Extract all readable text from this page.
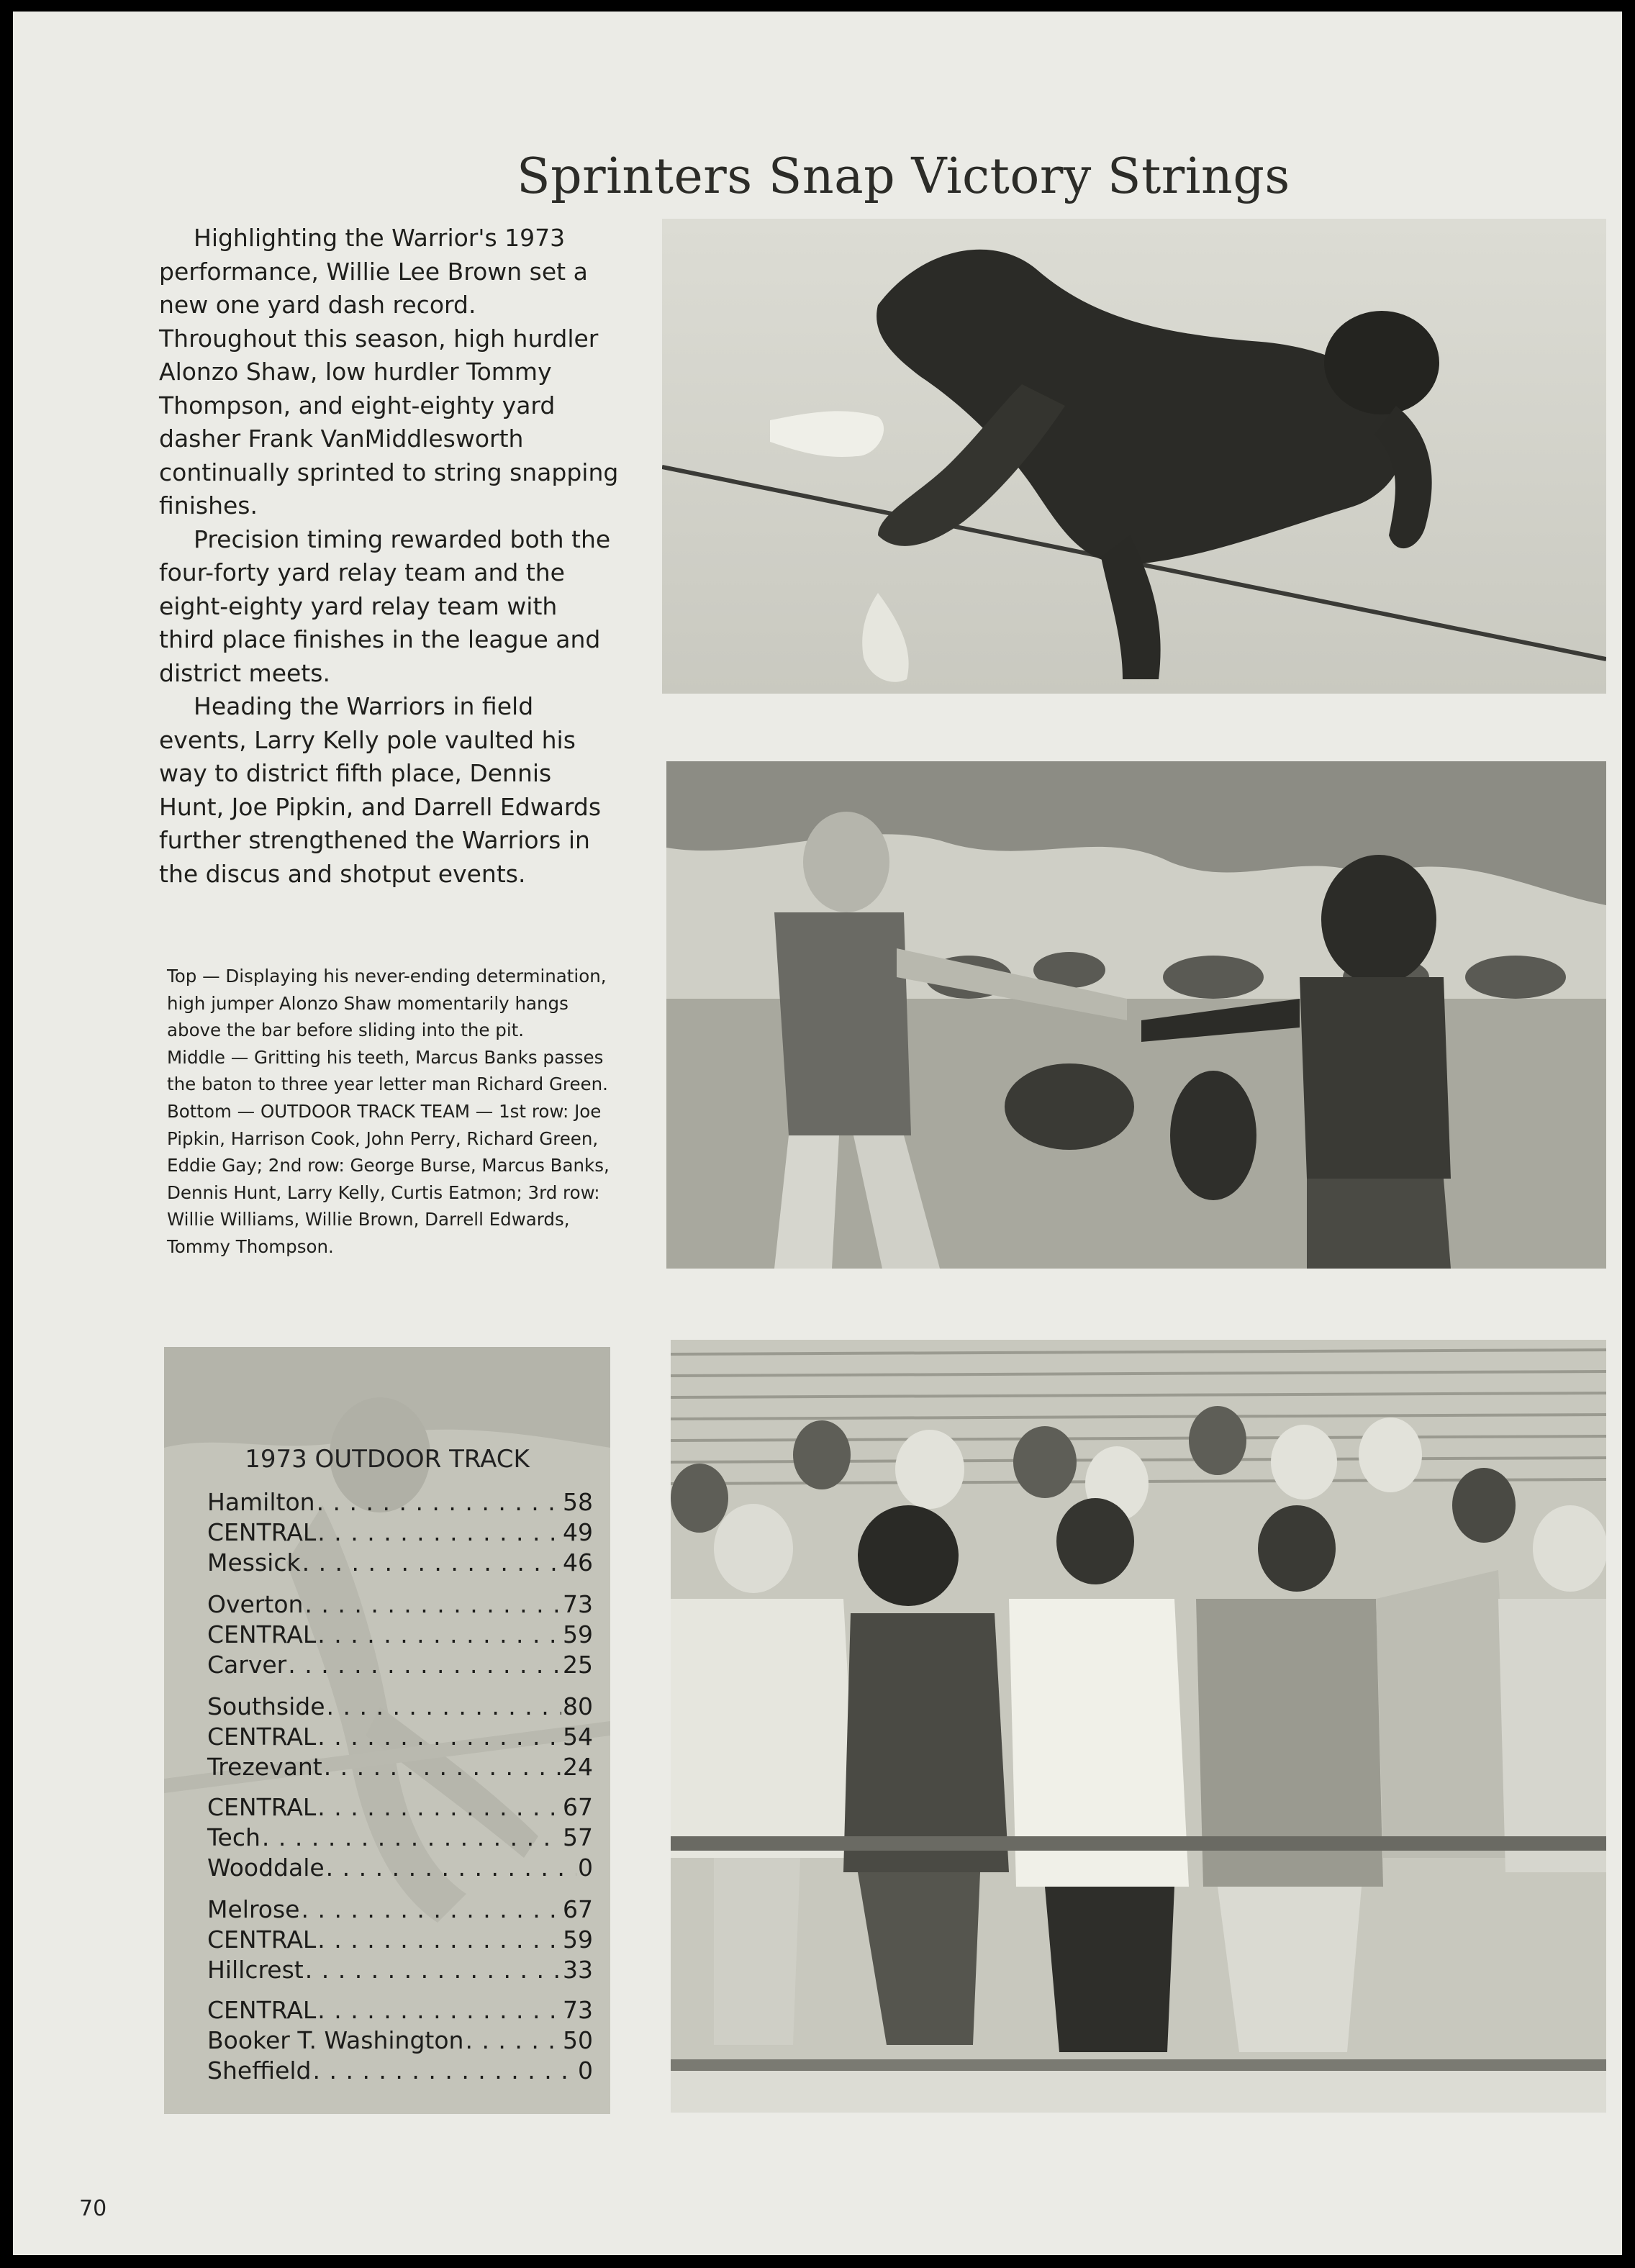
Sprinters Snap Victory Strings

Highlighting the Warrior's 1973 performance, Willie Lee Brown set a new one yard dash record. Throughout this season, high hurdler Alonzo Shaw, low hurdler Tommy Thompson, and eight-eighty yard dasher Frank VanMiddlesworth continually sprinted to string snapping finishes.

Precision timing rewarded both the four-forty yard relay team and the eight-eighty yard relay team with third place finishes in the league and district meets.

Heading the Warriors in field events, Larry Kelly pole vaulted his way to district fifth place, Dennis Hunt, Joe Pipkin, and Darrell Edwards further strengthened the Warriors in the discus and shotput events.

Top — Displaying his never-ending determination, high jumper Alonzo Shaw momentarily hangs above the bar before sliding into the pit.

Middle — Gritting his teeth, Marcus Banks passes the baton to three year letter man Richard Green.

Bottom — OUTDOOR TRACK TEAM — 1st row: Joe Pipkin, Harrison Cook, John Perry, Richard Green, Eddie Gay; 2nd row: George Burse, Marcus Banks, Dennis Hunt, Larry Kelly, Curtis Eatmon; 3rd row: Willie Williams, Willie Brown, Darrell Edwards, Tommy Thompson.

1973 OUTDOOR TRACK
Hamilton . . .	58
CENTRAL . . .	49
Messick . . .	46
Overton . . .	73
CENTRAL . . .	59
Carver . . .	25
Southside . . .	80
CENTRAL . . .	54
Trezevant . . .	24
CENTRAL . . .	67
Tech . . .	57
Wooddale . . .	0
Melrose . . .	67
CENTRAL . . .	59
Hillcrest . . .	33
CENTRAL . . .	73
Booker T. Washington . . .	50
Sheffield . . .	0
70
